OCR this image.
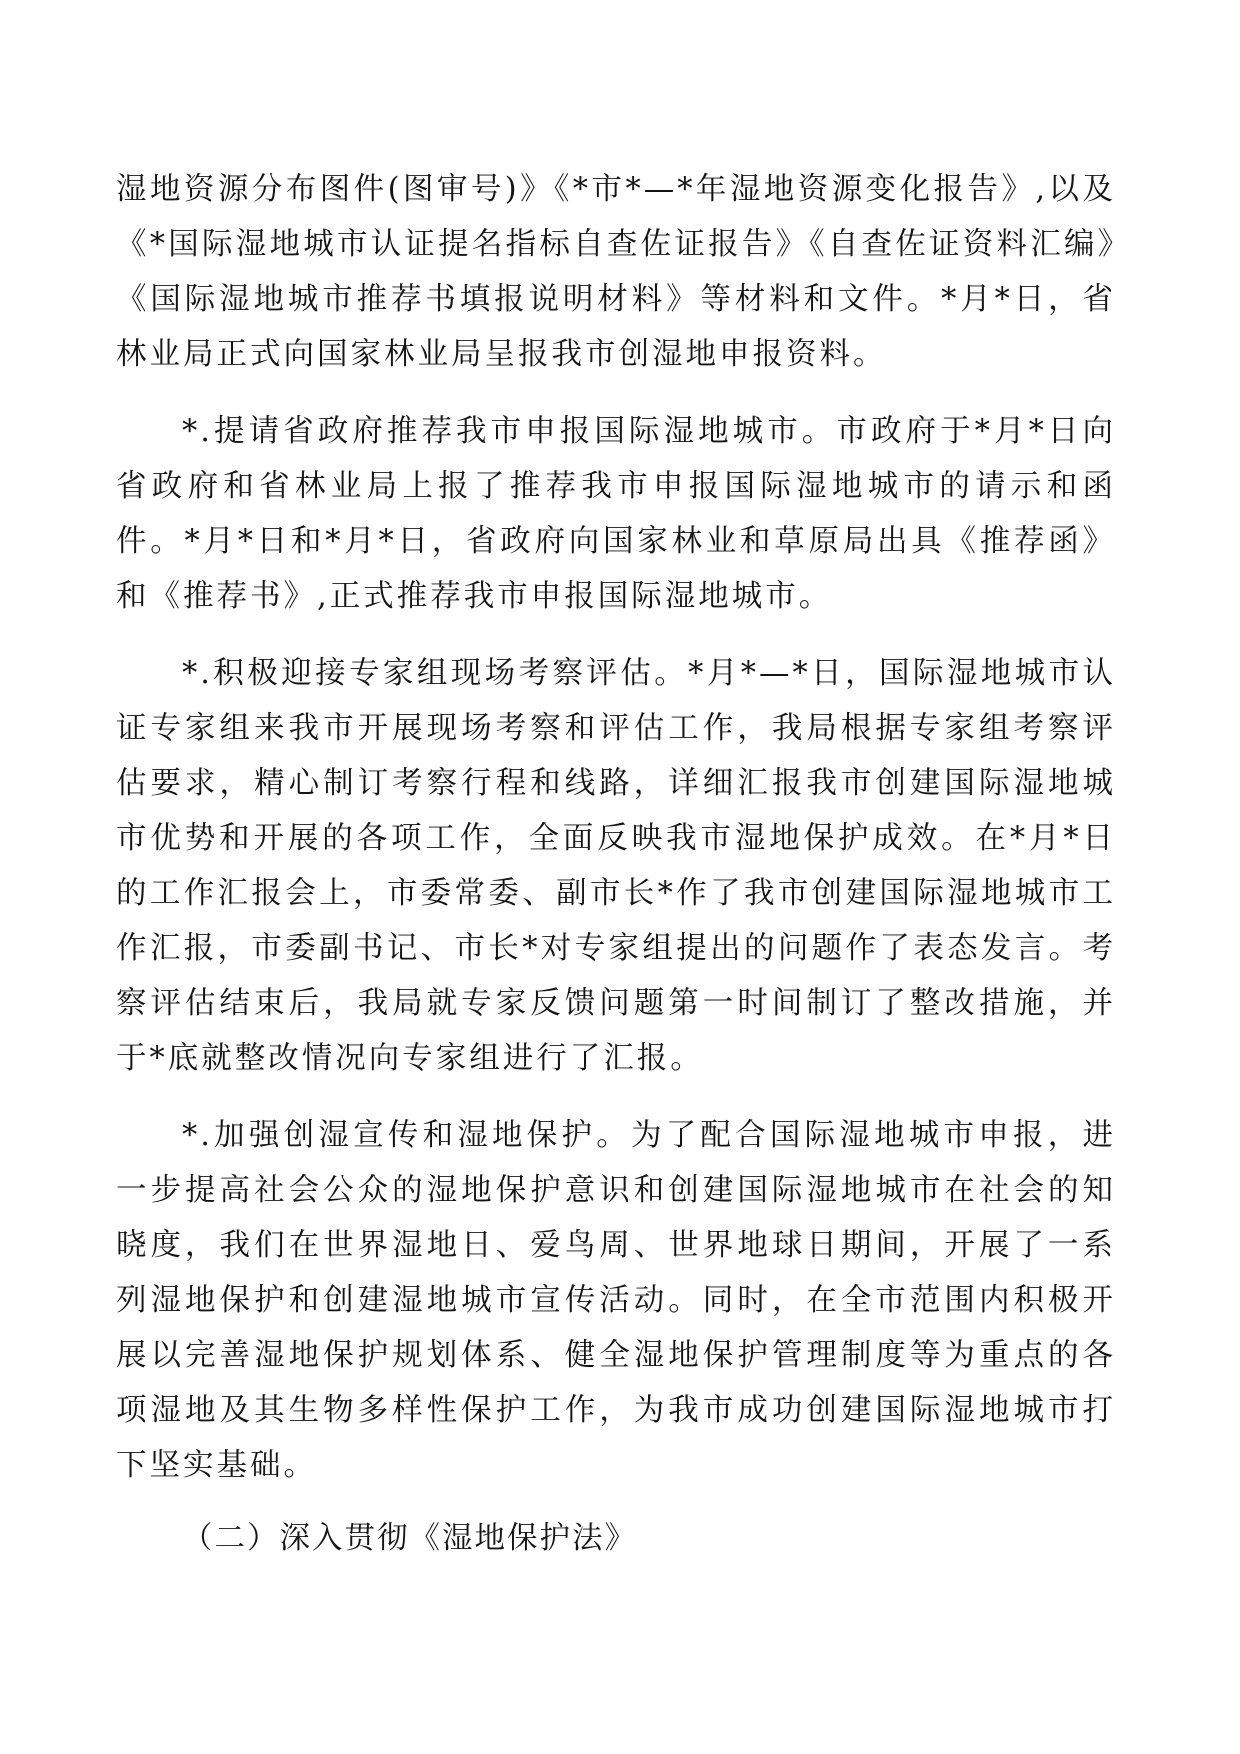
湿地资源分布图件(图审号)》《*市*—*年湿地资源变化报告》,以及《*国际湿地城市认证提名指标自查佐证报告》《自查佐证资料汇编》《国际湿地城市推荐书填报说明材料》等材料和文件。*月*日，省林业局正式向国家林业局呈报我市创湿地申报资料。

*.提请省政府推荐我市申报国际湿地城市。市政府于*月*日向省政府和省林业局上报了推荐我市申报国际湿地城市的请示和函件。*月*日和*月*日，省政府向国家林业和草原局出具《推荐函》和《推荐书》,正式推荐我市申报国际湿地城市。

*.积极迎接专家组现场考察评估。*月*—*日，国际湿地城市认证专家组来我市开展现场考察和评估工作，我局根据专家组考察评估要求，精心制订考察行程和线路，详细汇报我市创建国际湿地城市优势和开展的各项工作，全面反映我市湿地保护成效。在*月*日的工作汇报会上，市委常委、副市长*作了我市创建国际湿地城市工作汇报，市委副书记、市长*对专家组提出的问题作了表态发言。考察评估结束后，我局就专家反馈问题第一时间制订了整改措施，并于*底就整改情况向专家组进行了汇报。

*.加强创湿宣传和湿地保护。为了配合国际湿地城市申报，进一步提高社会公众的湿地保护意识和创建国际湿地城市在社会的知晓度，我们在世界湿地日、爱鸟周、世界地球日期间，开展了一系列湿地保护和创建湿地城市宣传活动。同时，在全市范围内积极开展以完善湿地保护规划体系、健全湿地保护管理制度等为重点的各项湿地及其生物多样性保护工作，为我市成功创建国际湿地城市打下坚实基础。

（二）深入贯彻《湿地保护法》
